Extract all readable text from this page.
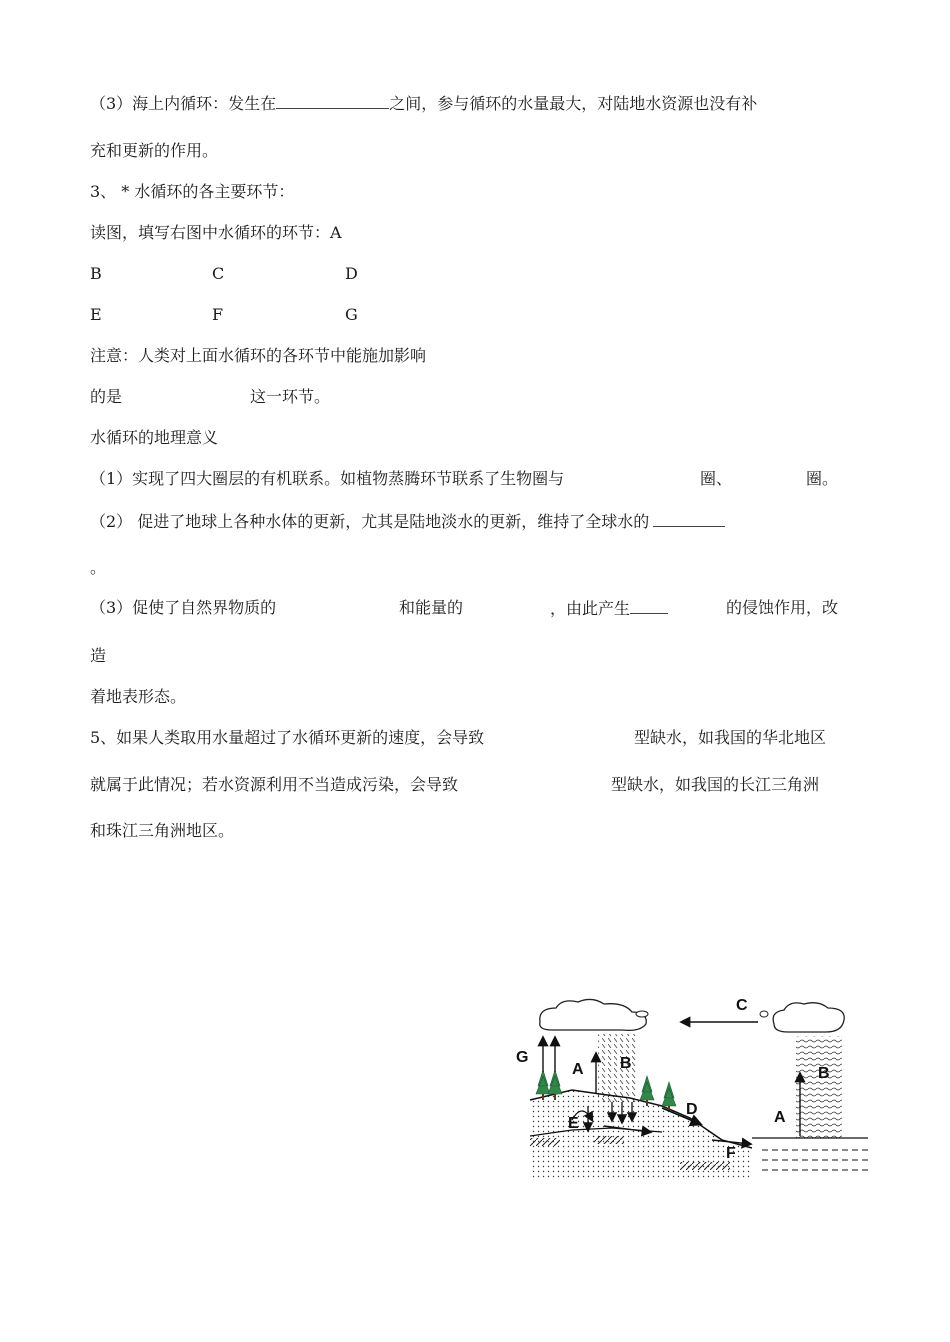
（3）海上内循环：发生在	之间，参与循环的水量最大，对陆地水资源也没有补
充和更新的作用。
3、 * 水循环的各主要环节：
读图，填写右图中水循环的环节：A
B	C	D
E	F	G
注意：人类对上面水循环的各环节中能施加影响
的是	这一环节。
水循环的地理意义
（1）实现了四大圈层的有机联系。如植物蒸腾环节联系了生物圈与	圈、	圈。
（2） 促进了地球上各种水体的更新，尤其是陆地淡水的更新，维持了全球水的
。
（3）促使了自然界物质的	和能量的	，由此产生	的侵蚀作用，改
造
着地表形态。
5、如果人类取用水量超过了水循环更新的速度，会导致	型缺水，如我国的华北地区
就属于此情况；若水资源利用不当造成污染，会导致	型缺水，如我国的长江三角洲
和珠江三角洲地区。
C
G
A B
D
E
F
A
B
